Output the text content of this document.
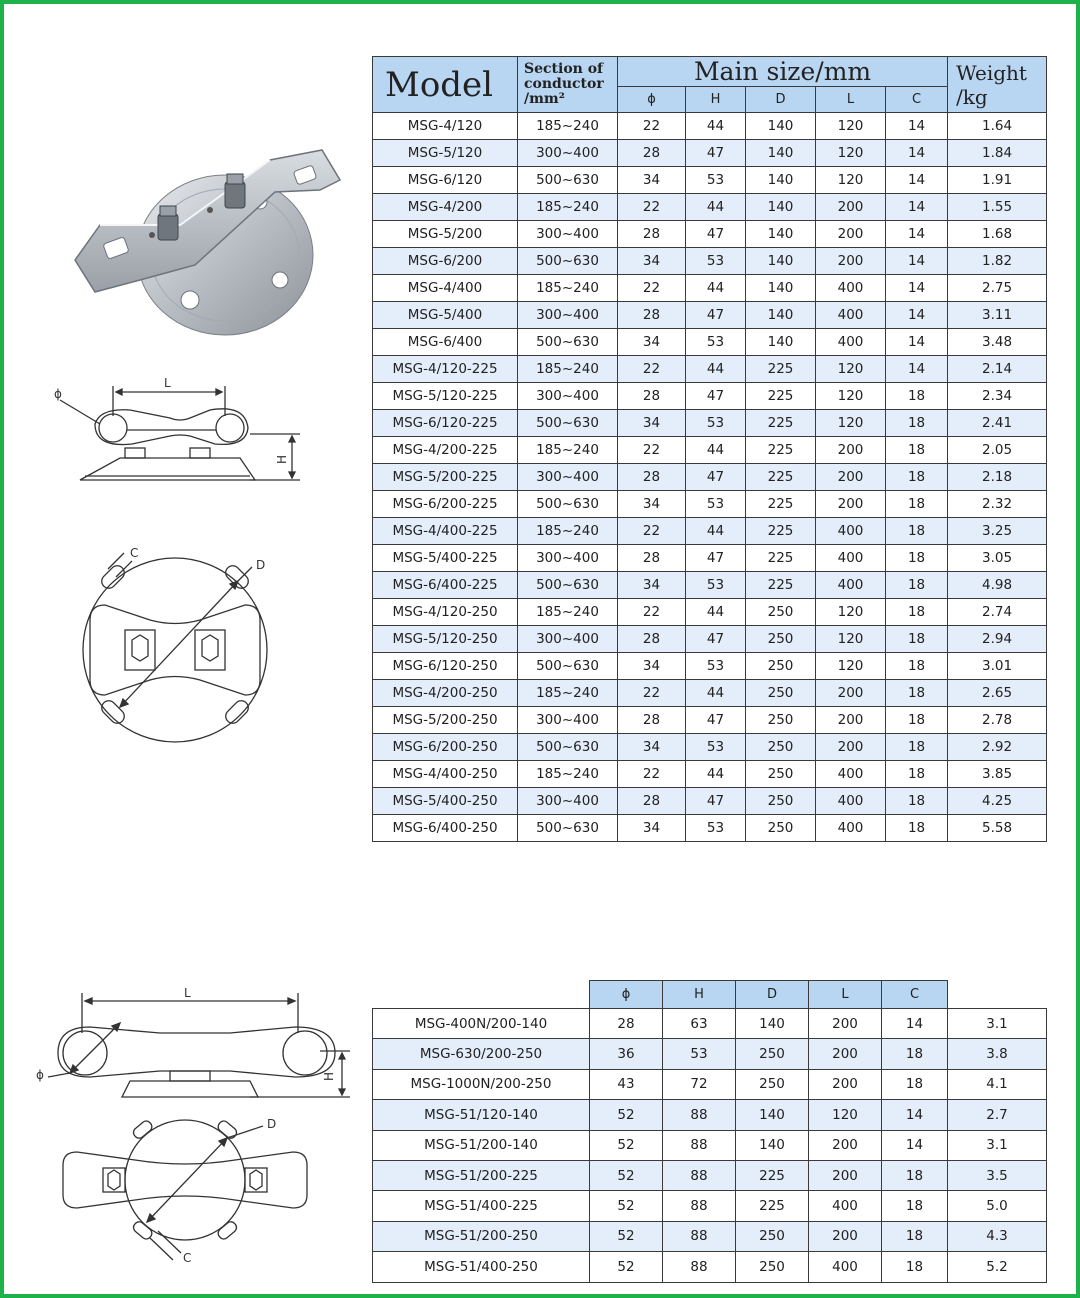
L
ϕ
H
D
C
L
ϕ	H
D
C
Model	Section of
conductor
/mm²	Main size/mm					Weight
/kg
		ϕ	H	D	L	C	
MSG-4/120	185~240	22	44	140	120	14	1.64
MSG-5/120	300~400	28	47	140	120	14	1.84
MSG-6/120	500~630	34	53	140	120	14	1.91
MSG-4/200	185~240	22	44	140	200	14	1.55
MSG-5/200	300~400	28	47	140	200	14	1.68
MSG-6/200	500~630	34	53	140	200	14	1.82
MSG-4/400	185~240	22	44	140	400	14	2.75
MSG-5/400	300~400	28	47	140	400	14	3.11
MSG-6/400	500~630	34	53	140	400	14	3.48
MSG-4/120-225	185~240	22	44	225	120	14	2.14
MSG-5/120-225	300~400	28	47	225	120	18	2.34
MSG-6/120-225	500~630	34	53	225	120	18	2.41
MSG-4/200-225	185~240	22	44	225	200	18	2.05
MSG-5/200-225	300~400	28	47	225	200	18	2.18
MSG-6/200-225	500~630	34	53	225	200	18	2.32
MSG-4/400-225	185~240	22	44	225	400	18	3.25
MSG-5/400-225	300~400	28	47	225	400	18	3.05
MSG-6/400-225	500~630	34	53	225	400	18	4.98
MSG-4/120-250	185~240	22	44	250	120	18	2.74
MSG-5/120-250	300~400	28	47	250	120	18	2.94
MSG-6/120-250	500~630	34	53	250	120	18	3.01
MSG-4/200-250	185~240	22	44	250	200	18	2.65
MSG-5/200-250	300~400	28	47	250	200	18	2.78
MSG-6/200-250	500~630	34	53	250	200	18	2.92
MSG-4/400-250	185~240	22	44	250	400	18	3.85
MSG-5/400-250	300~400	28	47	250	400	18	4.25
MSG-6/400-250	500~630	34	53	250	400	18	5.58
	ϕ	H	D	L	C	
MSG-400N/200-140	28	63	140	200	14	3.1
MSG-630/200-250	36	53	250	200	18	3.8
MSG-1000N/200-250	43	72	250	200	18	4.1
MSG-51/120-140	52	88	140	120	14	2.7
MSG-51/200-140	52	88	140	200	14	3.1
MSG-51/200-225	52	88	225	200	18	3.5
MSG-51/400-225	52	88	225	400	18	5.0
MSG-51/200-250	52	88	250	200	18	4.3
MSG-51/400-250	52	88	250	400	18	5.2
